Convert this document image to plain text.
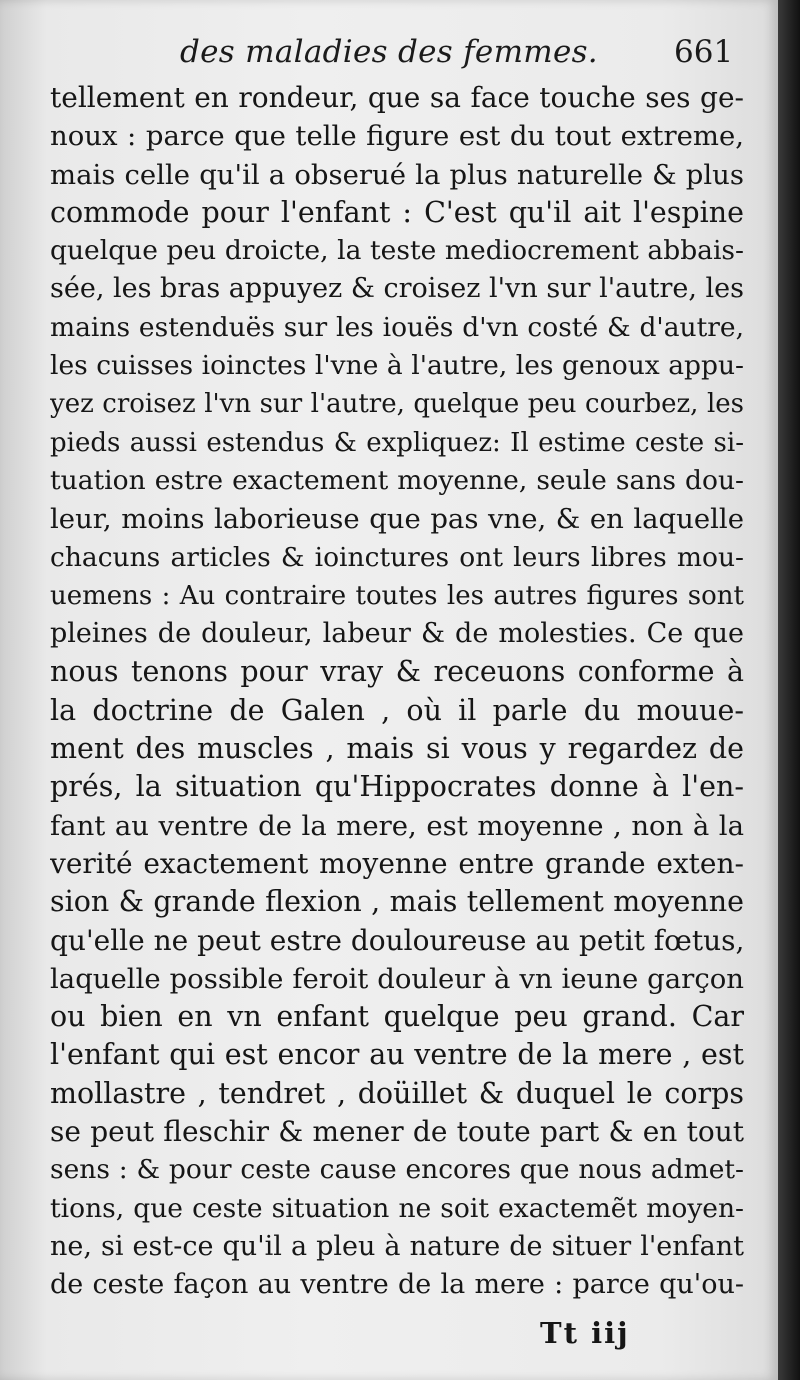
des maladies des femmes. 661
tellement en rondeur, que sa face touche ses ge-
noux : parce que telle figure est du tout extreme,
mais celle qu'il a obserué la plus naturelle & plus
commode pour l'enfant : C'est qu'il ait l'espine
quelque peu droicte, la teste mediocrement abbais-
sée, les bras appuyez & croisez l'vn sur l'autre, les
mains estenduës sur les iouës d'vn costé & d'autre,
les cuisses ioinctes l'vne à l'autre, les genoux appu-
yez croisez l'vn sur l'autre, quelque peu courbez, les
pieds aussi estendus & expliquez: Il estime ceste si-
tuation estre exactement moyenne, seule sans dou-
leur, moins laborieuse que pas vne, & en laquelle
chacuns articles & ioinctures ont leurs libres mou-
uemens : Au contraire toutes les autres figures sont
pleines de douleur, labeur & de molesties. Ce que
nous tenons pour vray & receuons conforme à
la doctrine de Galen , où il parle du mouue-
ment des muscles , mais si vous y regardez de
prés, la situation qu'Hippocrates donne à l'en-
fant au ventre de la mere, est moyenne , non à la
verité exactement moyenne entre grande exten-
sion & grande flexion , mais tellement moyenne
qu'elle ne peut estre douloureuse au petit fœtus,
laquelle possible feroit douleur à vn ieune garçon
ou bien en vn enfant quelque peu grand. Car
l'enfant qui est encor au ventre de la mere , est
mollastre , tendret , doüillet & duquel le corps
se peut fleschir & mener de toute part & en tout
sens : & pour ceste cause encores que nous admet-
tions, que ceste situation ne soit exactemẽt moyen-
ne, si est-ce qu'il a pleu à nature de situer l'enfant
de ceste façon au ventre de la mere : parce qu'ou-
Tt iij
